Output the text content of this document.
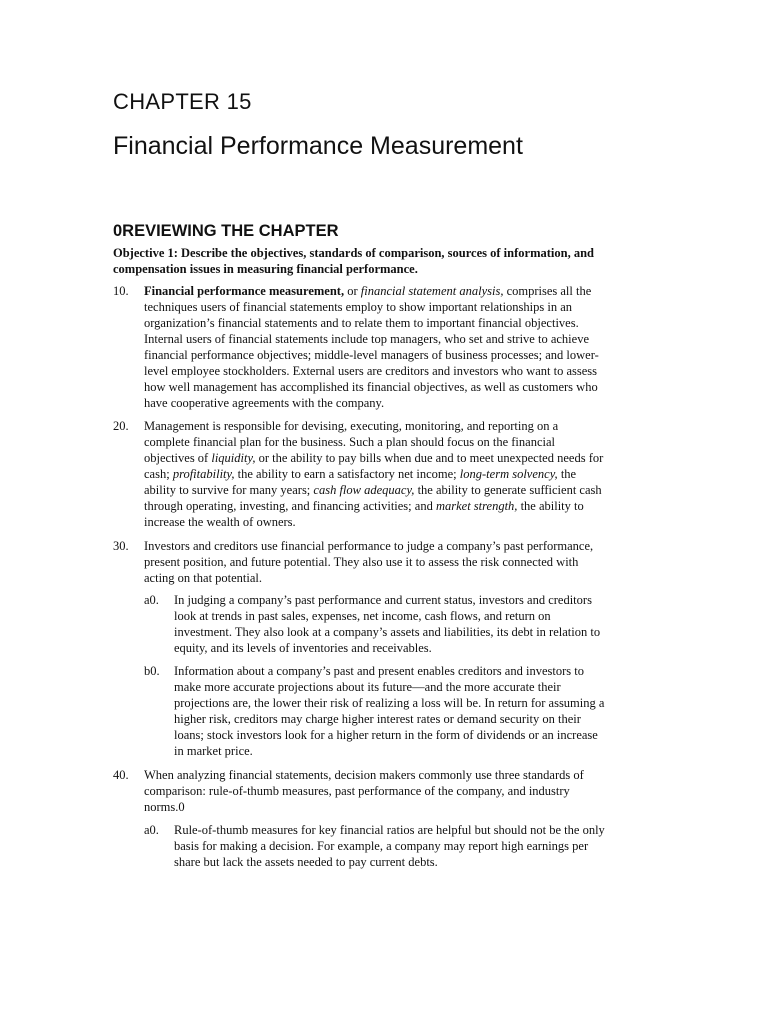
CHAPTER 15
Financial Performance Measurement
0REVIEWING THE CHAPTER

Objective 1: Describe the objectives, standards of comparison, sources of information, and
compensation issues in measuring financial performance.

10. Financial performance measurement, or financial statement analysis, comprises all the
techniques users of financial statements employ to show important relationships in an
organization’s financial statements and to relate them to important financial objectives.
Internal users of financial statements include top managers, who set and strive to achieve
financial performance objectives; middle-level managers of business processes; and lower-
level employee stockholders. External users are creditors and investors who want to assess
how well management has accomplished its financial objectives, as well as customers who
have cooperative agreements with the company.
20. Management is responsible for devising, executing, monitoring, and reporting on a
complete financial plan for the business. Such a plan should focus on the financial
objectives of liquidity, or the ability to pay bills when due and to meet unexpected needs for
cash; profitability, the ability to earn a satisfactory net income; long-term solvency, the
ability to survive for many years; cash flow adequacy, the ability to generate sufficient cash
through operating, investing, and financing activities; and market strength, the ability to
increase the wealth of owners.
30. Investors and creditors use financial performance to judge a company’s past performance,
present position, and future potential. They also use it to assess the risk connected with
acting on that potential.
a0. In judging a company’s past performance and current status, investors and creditors
look at trends in past sales, expenses, net income, cash flows, and return on
investment. They also look at a company’s assets and liabilities, its debt in relation to
equity, and its levels of inventories and receivables.
b0. Information about a company’s past and present enables creditors and investors to
make more accurate projections about its future—and the more accurate their
projections are, the lower their risk of realizing a loss will be. In return for assuming a
higher risk, creditors may charge higher interest rates or demand security on their
loans; stock investors look for a higher return in the form of dividends or an increase
in market price.
40. When analyzing financial statements, decision makers commonly use three standards of
comparison: rule-of-thumb measures, past performance of the company, and industry
norms.0
a0. Rule-of-thumb measures for key financial ratios are helpful but should not be the only
basis for making a decision. For example, a company may report high earnings per
share but lack the assets needed to pay current debts.
